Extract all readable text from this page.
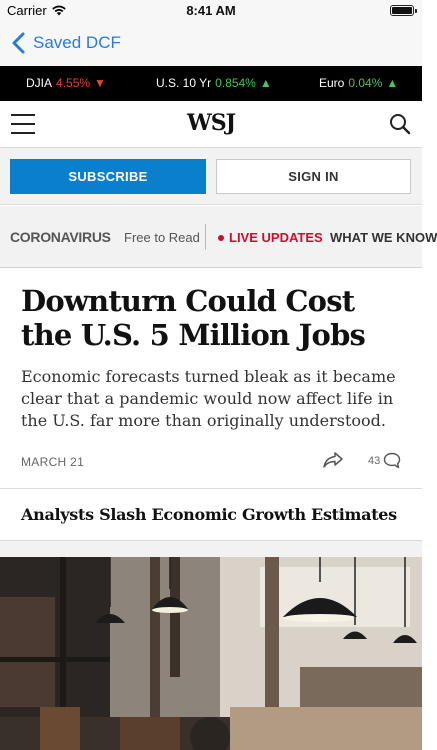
Carrier	8:41 AM
Saved DCF
DJIA 4.55% ▼	U.S. 10 Yr 0.854% ▲	Euro 0.04% ▲
WSJ
SUBSCRIBE	SIGN IN
CORONAVIRUS Free to Read	LIVE UPDATES WHAT WE KNOW
Downturn Could Cost the U.S. 5 Million Jobs

Economic forecasts turned bleak as it became clear that a pandemic would now affect life in the U.S. far more than originally understood.

MARCH 21	43
Analysts Slash Economic Growth Estimates
